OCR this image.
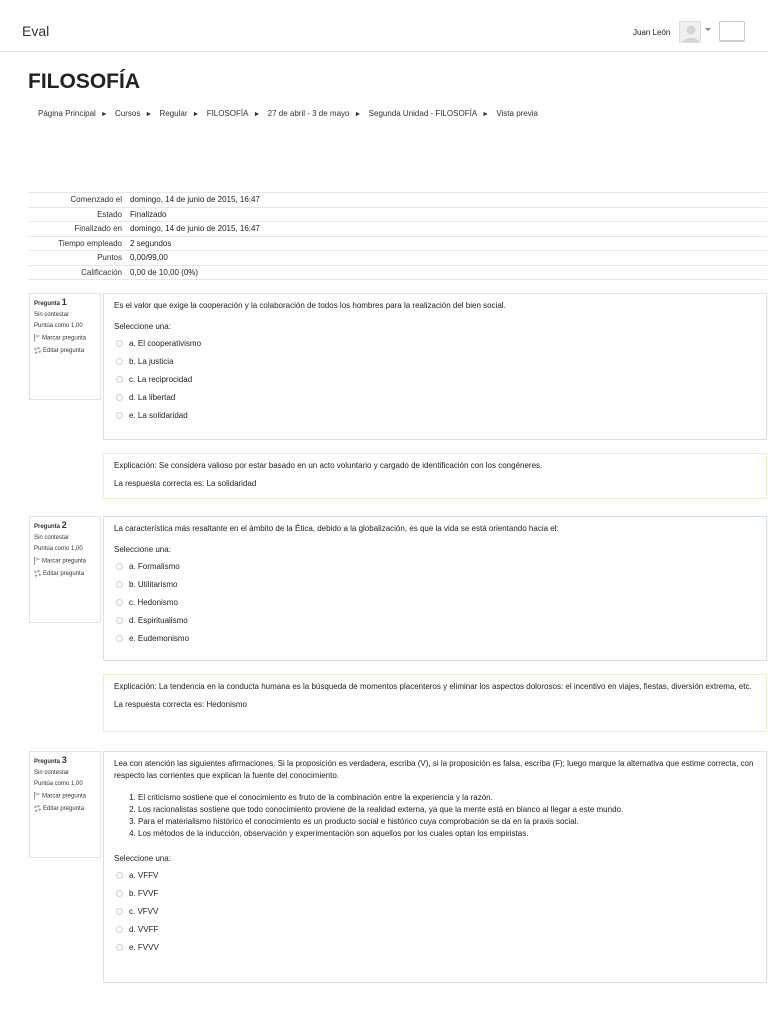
Eval	Juan León
FILOSOFÍA
Página Principal ► Cursos ► Regular ► FILOSOFÍA ► 27 de abril - 3 de mayo ► Segunda Unidad - FILOSOFÍA ► Vista previa
Comenzado el	domingo, 14 de junio de 2015, 16:47
Estado	Finalizado
Finalizado en	domingo, 14 de junio de 2015, 16:47
Tiempo empleado	2 segundos
Puntos	0,00/99,00
Calificación	0,00 de 10,00 (0%)
Pregunta 1
Sin contestar
Puntúa como 1,00
Marcar pregunta
Editar pregunta
Es el valor que exige la cooperación y la colaboración de todos los hombres para la realización del bien social.
Seleccione una:
a. El cooperativismo
b. La justicia
c. La reciprocidad
d. La libertad
e. La solidaridad
Explicación: Se considera valioso por estar basado en un acto voluntario y cargado de identificación con los congéneres.
La respuesta correcta es: La solidaridad
Pregunta 2
Sin contestar
Puntúa como 1,00
Marcar pregunta
Editar pregunta
La característica más resaltante en el ámbito de la Ética, debido a la globalización, es que la vida se está orientando hacia el:
Seleccione una:
a. Formalismo
b. Utilitarismo
c. Hedonismo
d. Espiritualismo
e. Eudemonismo
Explicación: La tendencia en la conducta humana es la búsqueda de momentos placenteros y eliminar los aspectos dolorosos: el incentivo en viajes, fiestas, diversión extrema, etc.
La respuesta correcta es: Hedonismo
Pregunta 3
Sin contestar
Puntúa como 1,00
Marcar pregunta
Editar pregunta
Lea con atención las siguientes afirmaciones. Si la proposición es verdadera, escriba (V), si la proposición es falsa, escriba (F); luego marque la alternativa que estime correcta, con respecto las corrientes que explican la fuente del conocimiento.
1. El criticismo sostiene que el conocimiento es fruto de la combinación entre la experiencia y la razón.
2. Los racionalistas sostiene que todo conocimiento proviene de la realidad externa, ya que la mente está en blanco al llegar a este mundo.
3. Para el materialismo histórico el conocimiento es un producto social e histórico cuya comprobación se da en la praxis social.
4. Los métodos de la inducción, observación y experimentación son aquellos por los cuales optan los empiristas.
Seleccione una:
a. VFFV
b. FVVF
c. VFVV
d. VVFF
e. FVVV
